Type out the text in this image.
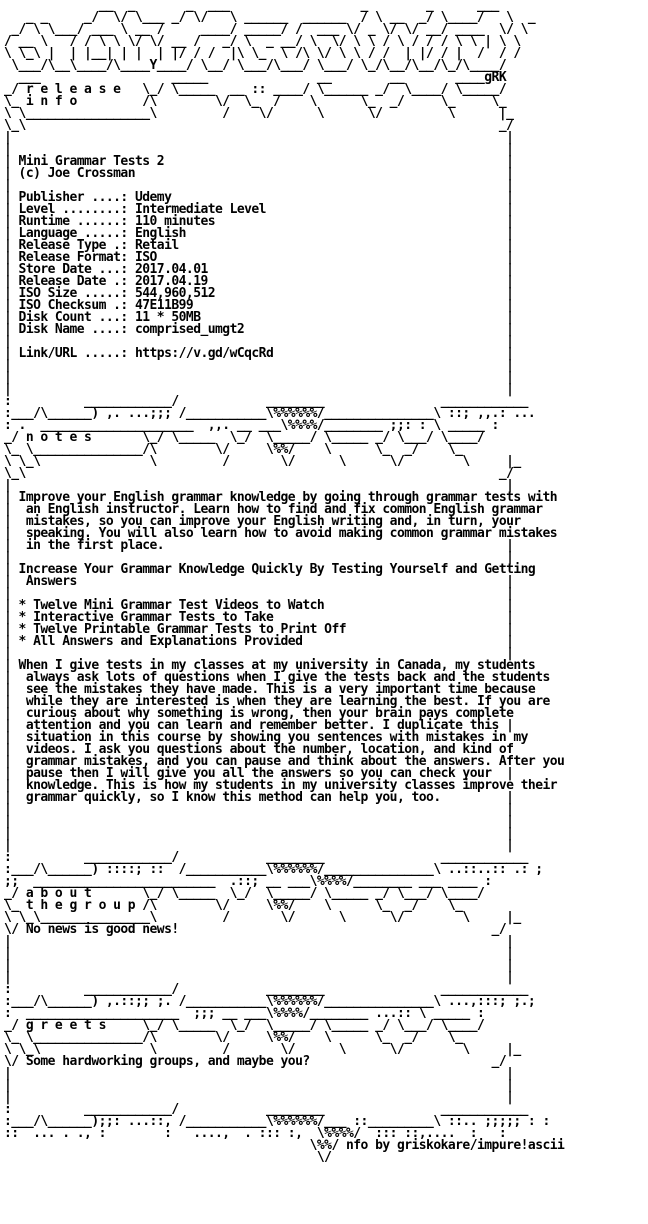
__  _       _  ___                  _        _      ___
_ _     _/  \/ \___ _/ \/   \ ______  ______  / \ __  _/ \____/   \  _
_/ \ \___/ ___ \ __ /     ____/ _____/ /  ___ \/ _ \/ \/ __/ ____  \/ \
/ __ \   / / \ \ \/ \/ __ /   _/ \  _ __/ \  \/ \ \ / \ / / / \ \ | \ \
\ \_\ |  | |__| | |  | |/ / /  |\ \_  \ /\ \/ \ \ / /  | |/ / |  /  / /
\___/\__\____/\____Y____/ \__/ \___/\___/ \___/ \_/\__/\__/\_/\____/
___                  _____               __        __       ____gRK
_/ r e l e a s e   \_/ \_____  __ :: ____/ \______ _/  \____/ \_____/
\_ i n f o         /\        \/  \_  /    \      \_  _/     \_     \_
\ \_________________\         /    \/      \      \/         \      |_
\_\                                                                 _/
|                                                                    |
|                                                                    |
| Mini Grammar Tests 2                                               |
| (c) Joe Crossman                                                   |
|                                                                    |
| Publisher ....: Udemy                                              |
| Level ........: Intermediate Level                                 |
| Runtime ......: 110 minutes                                        |
| Language .....: English                                            |
| Release Type .: Retail                                             |
| Release Format: ISO                                                |
| Store Date ...: 2017.04.01                                         |
| Release Date .: 2017.04.19                                         |
| ISO Size .....: 544,960,512                                        |
| ISO Checksum .: 47E11B99                                           |
| Disk Count ...: 11 * 50MB                                          |
| Disk Name ....: comprised_umgt2                                    |
|                                                                    |
| Link/URL .....: https://v.gd/wCqcRd                                |
|                                                                    |
|                                                                    |
|                                                                    |
:          ____________/            ________                ____________
:___/\______) ,. ...;;; /___________\%%%%%%/_______________\ ::; ,,.: ...
: .  _____________________  ,,. __ ___\%%%%/________ ;;: : \ _____ :
_/ n o t e s       \_/ \_____  \_/  \_____/ \_____ _/ \___/ \____/
\_ \_______________/\        \/     \%%/    \      \_  _/    \_
\ \_\               \         /       \/      \      \/        \     |_
\_\                                                                 _/
|                                                                    |
| Improve your English grammar knowledge by going through grammar tests with
|  an English instructor. Learn how to find and fix common English grammar
|  mistakes, so you can improve your English writing and, in turn, your
|  speaking. You will also learn how to avoid making common grammar mistakes
|  in the first place.                                               |
|                                                                    |
| Increase Your Grammar Knowledge Quickly By Testing Yourself and Getting
|  Answers                                                           |
|                                                                    |
| * Twelve Mini Grammar Test Videos to Watch                         |
| * Interactive Grammar Tests to Take                                |
| * Twelve Printable Grammar Tests to Print Off                      |
| * All Answers and Explanations Provided                            |
|                                                                    |
| When I give tests in my classes at my university in Canada, my students
|  always ask lots of questions when I give the tests back and the students
|  see the mistakes they have made. This is a very important time because
|  while they are interested is when they are learning the best. If you are
|  curious about why something is wrong, then your brain pays complete
|  attention and you can learn and remember better. I duplicate this |
|  situation in this course by showing you sentences with mistakes in my
|  videos. I ask you questions about the number, location, and kind of
|  grammar mistakes, and you can pause and think about the answers. After you
|  pause then I will give you all the answers so you can check your  |
|  knowledge. This is how my students in my university classes improve their
|  grammar quickly, so I know this method can help you, too.         |
|                                                                    |
|                                                                    |
|                                                                    |
|                                                                    |
:          ____________/            ________                ____________
:___/\______) ::::; ::  /___________\%%%%%%/_______________\ ..::..:: .: ;
;;  _________________________  .::; __ ___\%%%%/________ ___ ____ :
_/ a b o u t       \_/ \_____  \_/  \_____/ \_____ _/ \___/ \____/
\_ t h e g r o u p /\        \/     \%%/    \      \_  _/    \_
\ \_\_______________\         /       \/      \      \/        \     |_
\/ No news is good news!                                           _/
|                                                                    |
|                                                                    |
|                                                                    |
|                                                                    |
:          ____________/            ________                ____________
:___/\______) ,.::;; ;. /___________\%%%%%%/_______________\ ...,:::; ;.;
:  _____________________  ;;; __ ___\%%%%/________ ...:: \ _____ :
_/ g r e e t s     \_/ \_____  \_/  \_____/ \_____ _/ \___/ \____/
\_ \_______________/\        \/     \%%/    \      \_  _/    \_
\ \_\               \         /       \/      \      \/        \     |_
\/ Some hardworking groups, and maybe you?                         _/
|                                                                    |
|                                                                    |
|                                                                    |
:          ____________/            ________                ____________
:___/\______);;: ...::, /___________\%%%%%%/___ ::_________\ ::.. ;;;;; : :
::  ... . ., :        :   ....,  . ::: :,  \%%%%/  ::: ::,....  :   :
\%%/ nfo by griskokare/impure!ascii
\/
